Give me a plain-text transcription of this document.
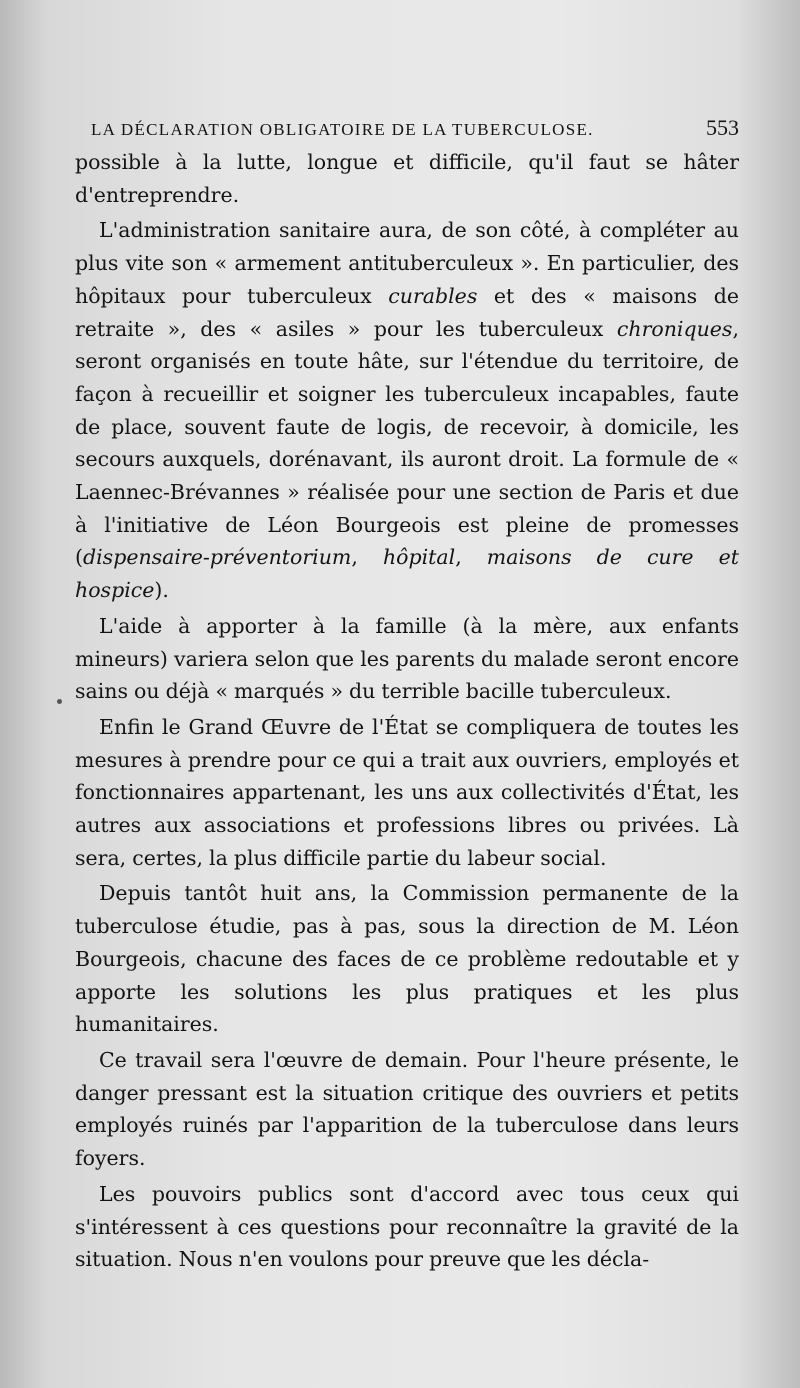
LA DÉCLARATION OBLIGATOIRE DE LA TUBERCULOSE.	553

possible à la lutte, longue et difficile, qu'il faut se hâter d'entreprendre.

L'administration sanitaire aura, de son côté, à compléter au plus vite son « armement antituberculeux ». En particulier, des hôpitaux pour tuberculeux curables et des « maisons de retraite », des « asiles » pour les tuberculeux chroniques, seront organisés en toute hâte, sur l'étendue du territoire, de façon à recueillir et soigner les tuberculeux incapables, faute de place, souvent faute de logis, de recevoir, à domicile, les secours auxquels, dorénavant, ils auront droit. La formule de « Laennec-Brévannes » réalisée pour une section de Paris et due à l'initiative de Léon Bourgeois est pleine de promesses (dispensaire-préventorium, hôpital, maisons de cure et hospice).

L'aide à apporter à la famille (à la mère, aux enfants mineurs) variera selon que les parents du malade seront encore sains ou déjà « marqués » du terrible bacille tuberculeux.

Enfin le Grand Œuvre de l'État se compliquera de toutes les mesures à prendre pour ce qui a trait aux ouvriers, employés et fonctionnaires appartenant, les uns aux collectivités d'État, les autres aux associations et professions libres ou privées. Là sera, certes, la plus difficile partie du labeur social.

Depuis tantôt huit ans, la Commission permanente de la tuberculose étudie, pas à pas, sous la direction de M. Léon Bourgeois, chacune des faces de ce problème redoutable et y apporte les solutions les plus pratiques et les plus humanitaires.

Ce travail sera l'œuvre de demain. Pour l'heure présente, le danger pressant est la situation critique des ouvriers et petits employés ruinés par l'apparition de la tuberculose dans leurs foyers.

Les pouvoirs publics sont d'accord avec tous ceux qui s'intéressent à ces questions pour reconnaître la gravité de la situation. Nous n'en voulons pour preuve que les décla-
